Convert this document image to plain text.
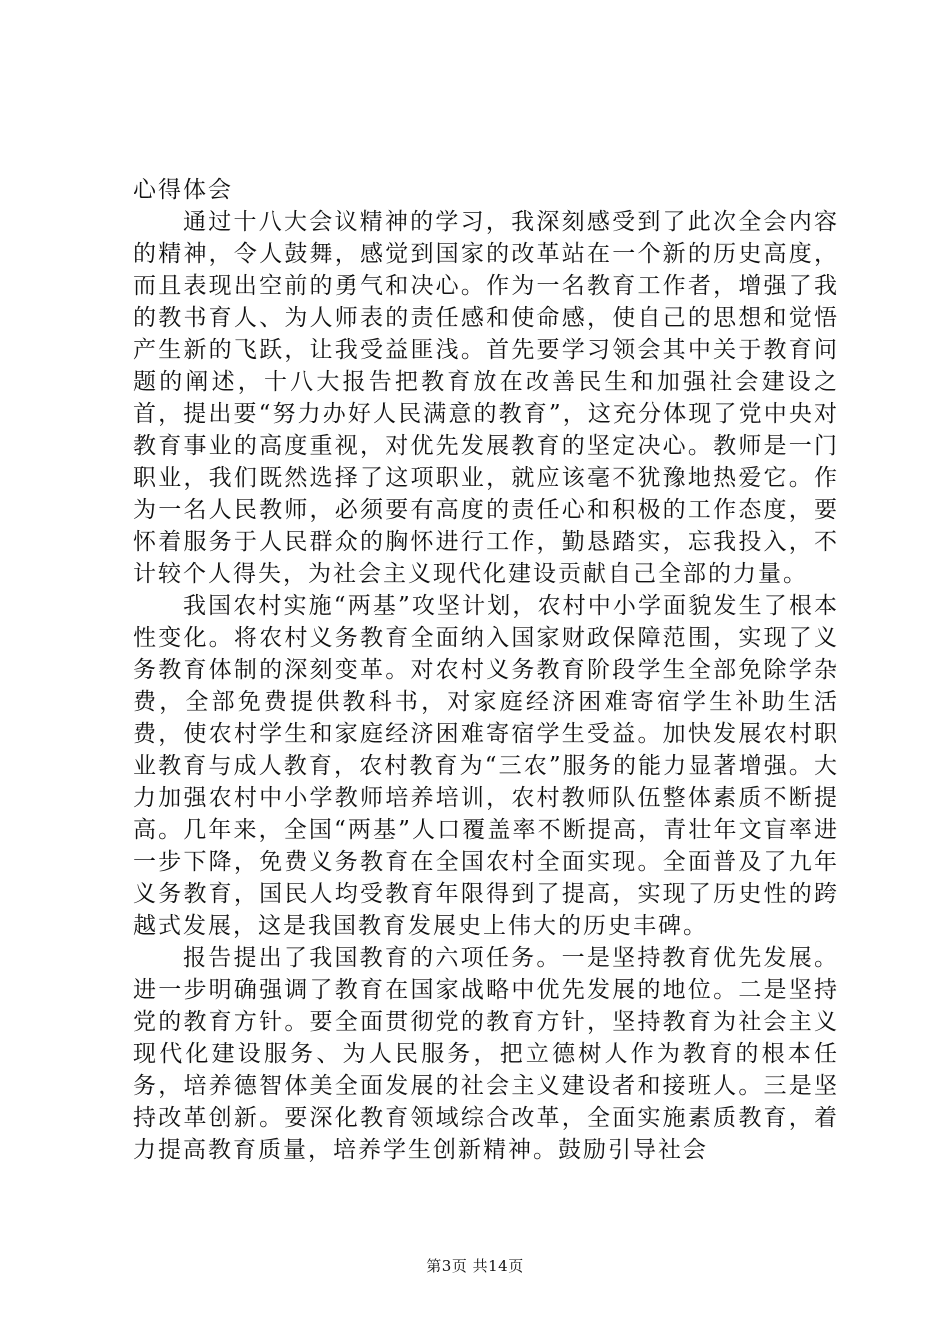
心得体会

通过十八大会议精神的学习，我深刻感受到了此次全会内容的精神，令人鼓舞，感觉到国家的改革站在一个新的历史高度，而且表现出空前的勇气和决心。作为一名教育工作者，增强了我的教书育人、为人师表的责任感和使命感，使自己的思想和觉悟产生新的飞跃，让我受益匪浅。首先要学习领会其中关于教育问题的阐述，十八大报告把教育放在改善民生和加强社会建设之首，提出要“努力办好人民满意的教育”，这充分体现了党中央对教育事业的高度重视，对优先发展教育的坚定决心。教师是一门职业，我们既然选择了这项职业，就应该毫不犹豫地热爱它。作为一名人民教师，必须要有高度的责任心和积极的工作态度，要怀着服务于人民群众的胸怀进行工作，勤恳踏实，忘我投入，不计较个人得失，为社会主义现代化建设贡献自己全部的力量。

我国农村实施“两基”攻坚计划，农村中小学面貌发生了根本性变化。将农村义务教育全面纳入国家财政保障范围，实现了义务教育体制的深刻变革。对农村义务教育阶段学生全部免除学杂费，全部免费提供教科书，对家庭经济困难寄宿学生补助生活费，使农村学生和家庭经济困难寄宿学生受益。加快发展农村职业教育与成人教育，农村教育为“三农”服务的能力显著增强。大力加强农村中小学教师培养培训，农村教师队伍整体素质不断提高。几年来，全国“两基”人口覆盖率不断提高，青壮年文盲率进一步下降，免费义务教育在全国农村全面实现。全面普及了九年义务教育，国民人均受教育年限得到了提高，实现了历史性的跨越式发展，这是我国教育发展史上伟大的历史丰碑。

报告提出了我国教育的六项任务。一是坚持教育优先发展。进一步明确强调了教育在国家战略中优先发展的地位。二是坚持党的教育方针。要全面贯彻党的教育方针，坚持教育为社会主义现代化建设服务、为人民服务，把立德树人作为教育的根本任务，培养德智体美全面发展的社会主义建设者和接班人。三是坚持改革创新。要深化教育领域综合改革，全面实施素质教育，着力提高教育质量，培养学生创新精神。鼓励引导社会

第3页 共14页
